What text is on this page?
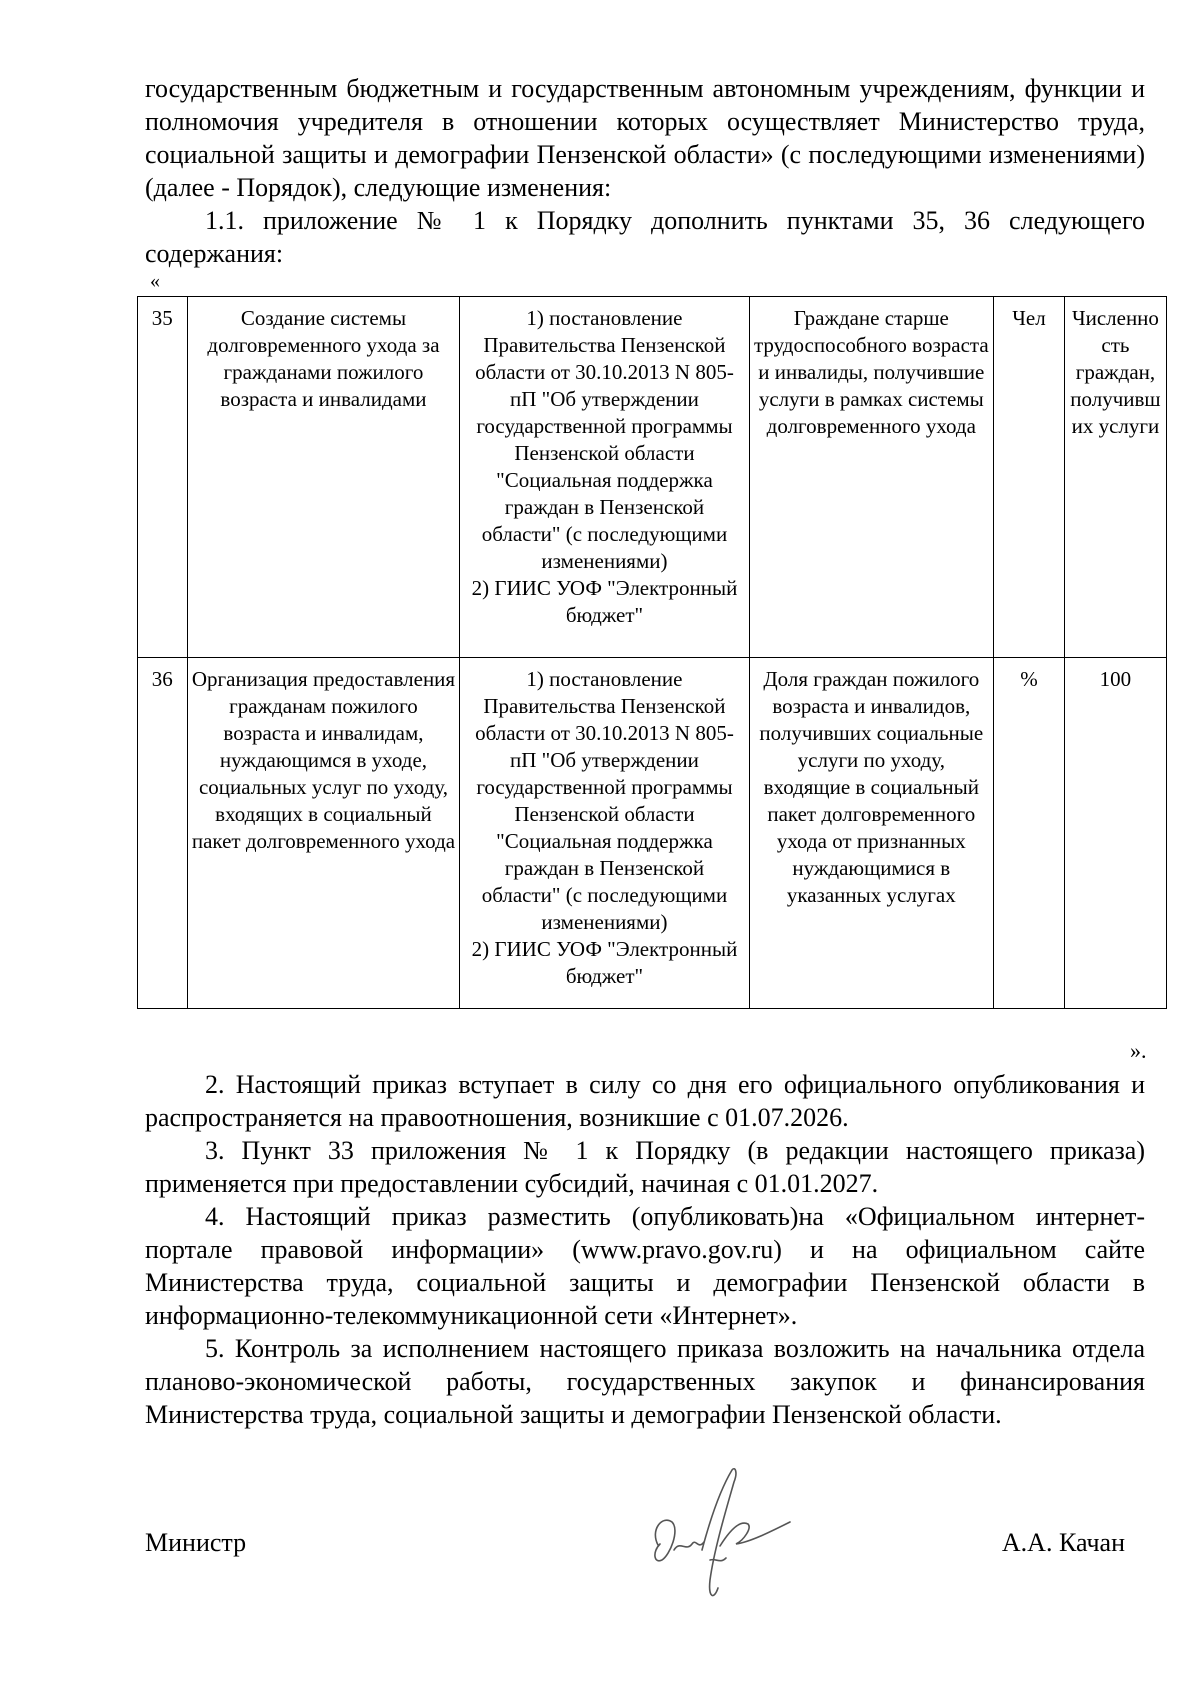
государственным бюджетным и государственным автономным учреждениям, функции и полномочия учредителя в отношении которых осуществляет Министерство труда, социальной защиты и демографии Пензенской области» (с последующими изменениями) (далее - Порядок), следующие изменения:

1.1. приложение № 1 к Порядку дополнить пунктами 35, 36 следующего содержания:

«
35	Создание системы долговременного ухода за гражданами пожилого возраста и инвалидами	1) постановление Правительства Пензенской области от 30.10.2013 N 805-пП "Об утверждении государственной программы Пензенской области "Социальная поддержка граждан в Пензенской области" (с последующими изменениями)
2) ГИИС УОФ "Электронный бюджет"	Граждане старше трудоспособного возраста и инвалиды, получившие услуги в рамках системы долговременного ухода	Чел	Численность граждан, получивших услуги
36	Организация предоставления гражданам пожилого возраста и инвалидам, нуждающимся в уходе, социальных услуг по уходу, входящих в социальный пакет долговременного ухода	1) постановление Правительства Пензенской области от 30.10.2013 N 805-пП "Об утверждении государственной программы Пензенской области "Социальная поддержка граждан в Пензенской области" (с последующими изменениями)
2) ГИИС УОФ "Электронный бюджет"	Доля граждан пожилого возраста и инвалидов, получивших социальные услуги по уходу, входящие в социальный пакет долговременного ухода от признанных нуждающимися в указанных услугах	%	100
».

2. Настоящий приказ вступает в силу со дня его официального опубликования и распространяется на правоотношения, возникшие с 01.07.2026.

3. Пункт 33 приложения № 1 к Порядку (в редакции настоящего приказа) применяется при предоставлении субсидий, начиная с 01.01.2027.

4. Настоящий приказ разместить (опубликовать)на «Официальном интернет-портале правовой информации» (www.pravo.gov.ru) и на официальном сайте Министерства труда, социальной защиты и демографии Пензенской области в информационно-телекоммуникационной сети «Интернет».

5. Контроль за исполнением настоящего приказа возложить на начальника отдела планово-экономической работы, государственных закупок и финансирования Министерства труда, социальной защиты и демографии Пензенской области.

Министр	А.А. Качан
